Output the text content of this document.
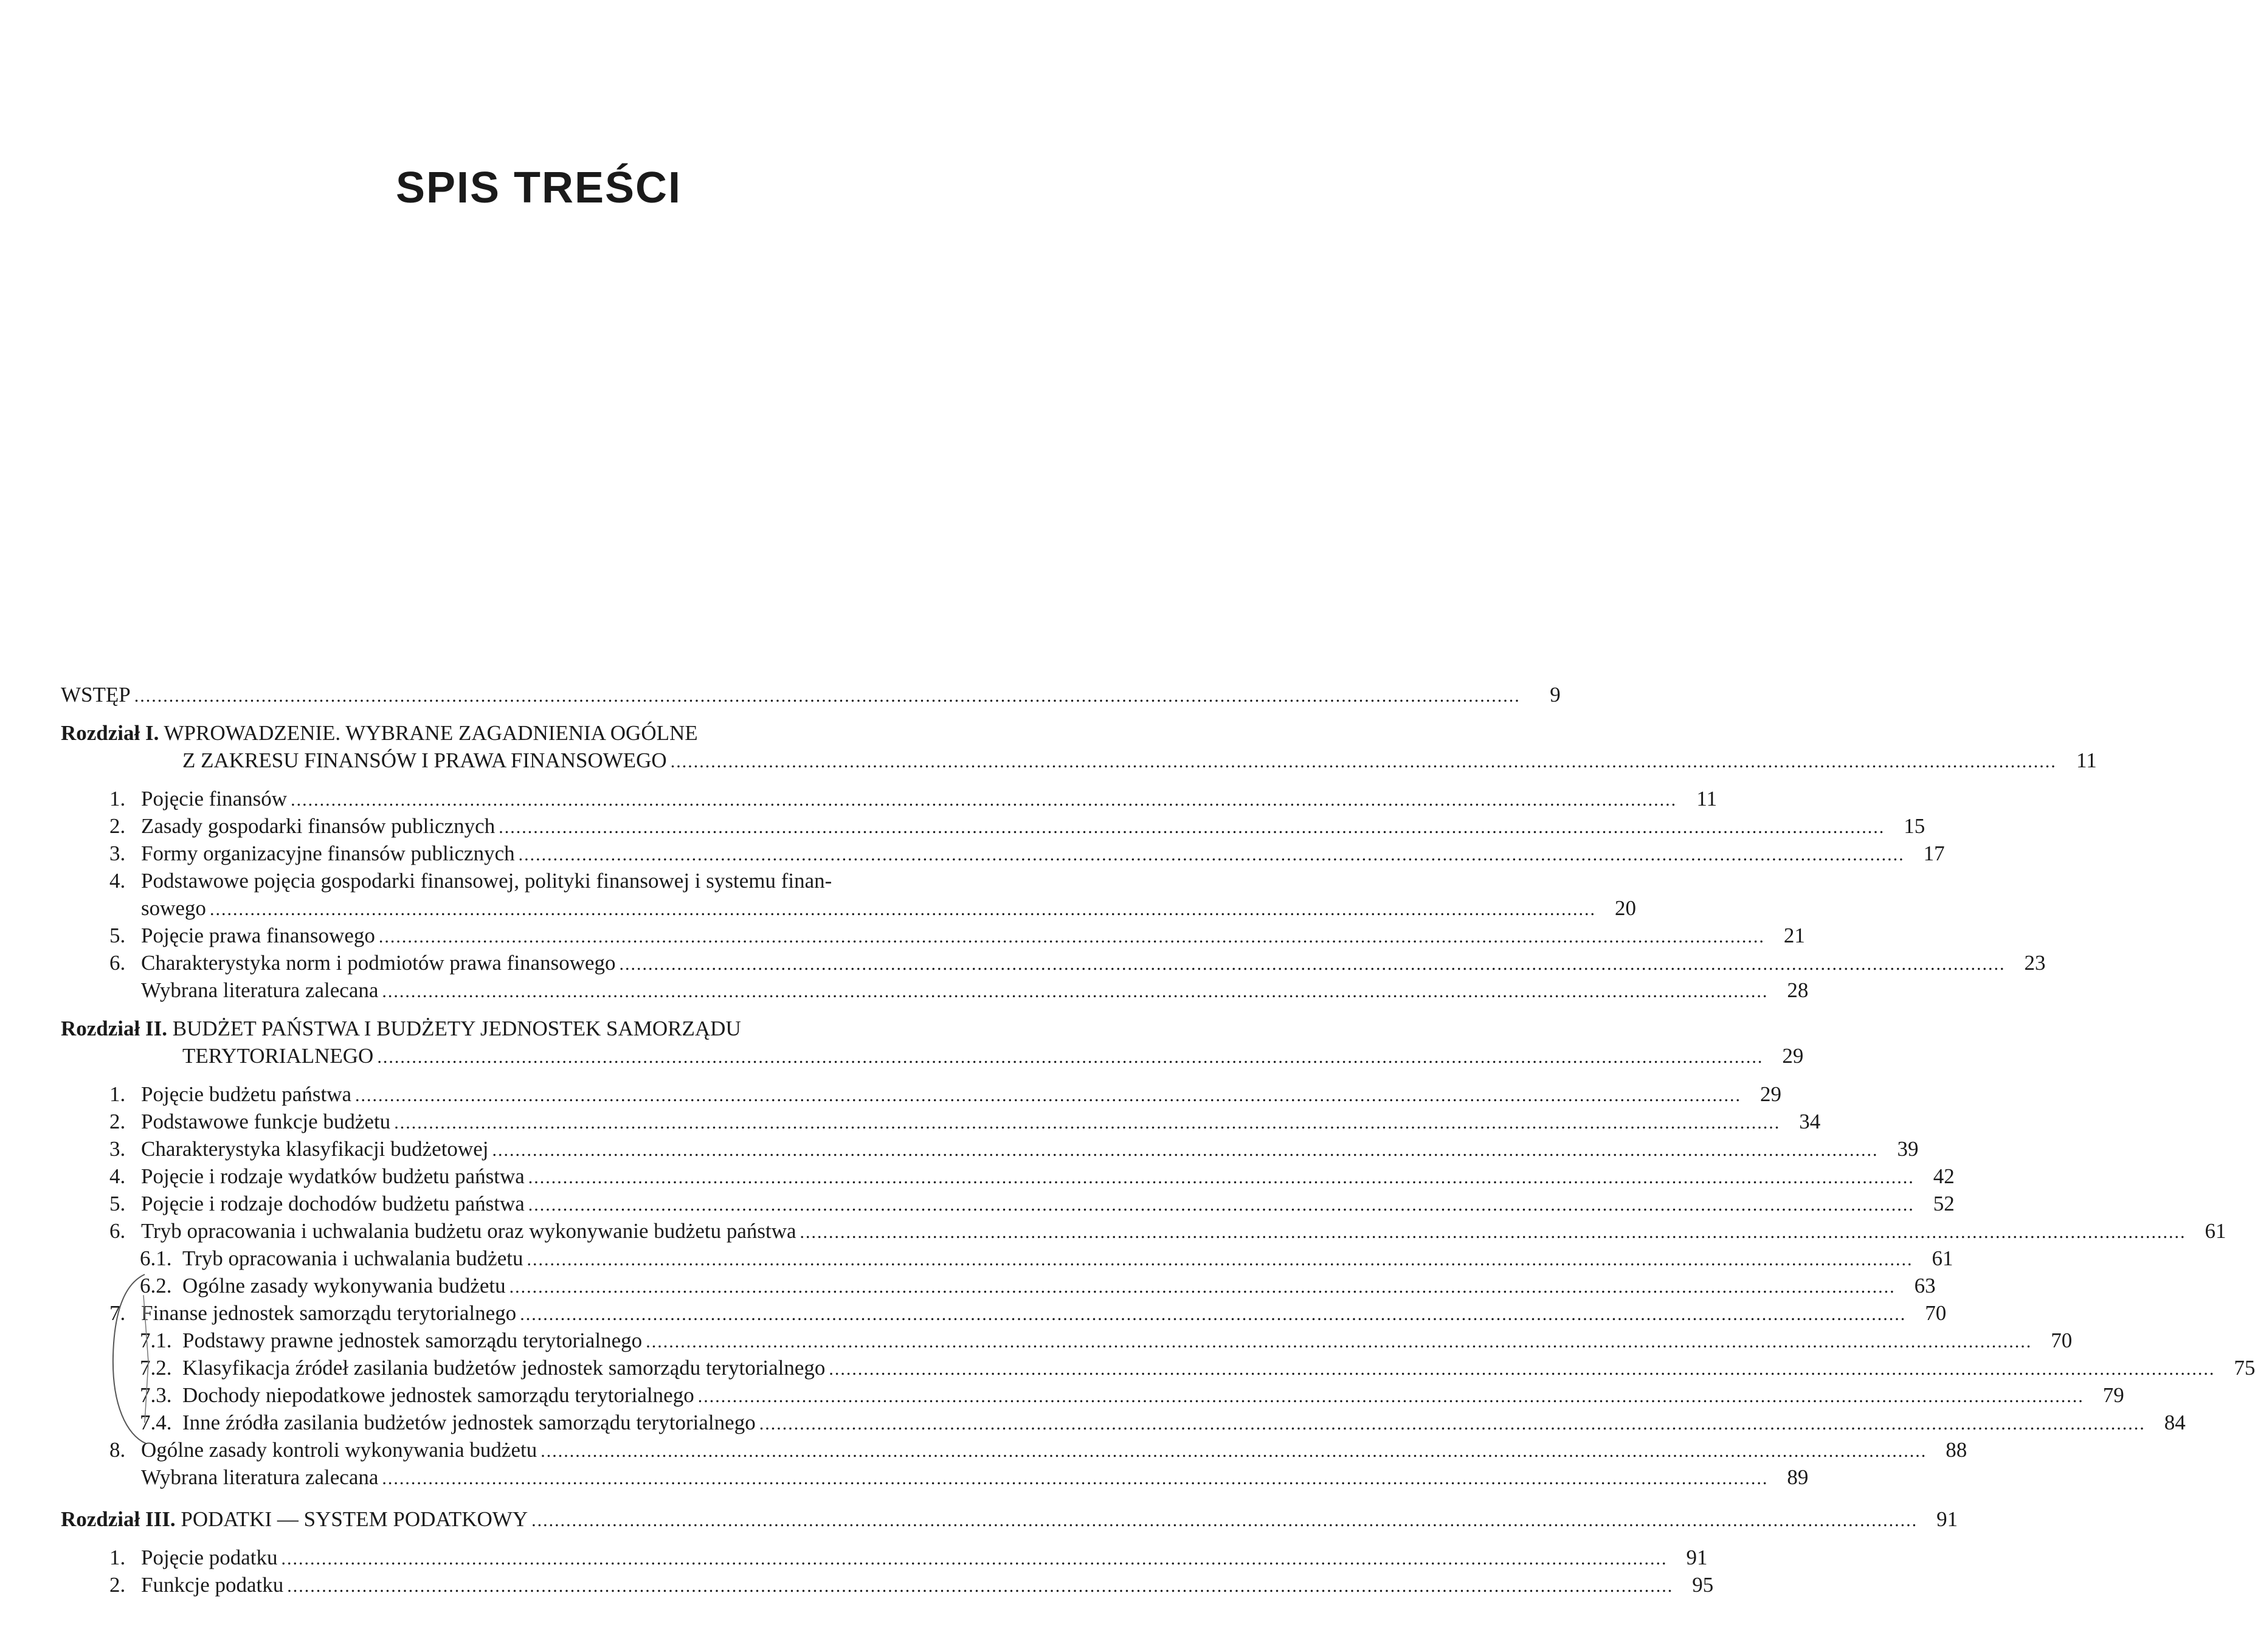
SPIS TREŚCI
WSTĘP .....	9
Rozdział I. WPROWADZENIE. WYBRANE ZAGADNIENIA OGÓLNE
Z ZAKRESU FINANSÓW I PRAWA FINANSOWEGO .....	11
1. Pojęcie finansów .....	11
2. Zasady gospodarki finansów publicznych .....	15
3. Formy organizacyjne finansów publicznych .....	17
4. Podstawowe pojęcia gospodarki finansowej, polityki finansowej i systemu finan-
sowego .....	20
5. Pojęcie prawa finansowego .....	21
6. Charakterystyka norm i podmiotów prawa finansowego .....	23
Wybrana literatura zalecana .....	28
Rozdział II. BUDŻET PAŃSTWA I BUDŻETY JEDNOSTEK SAMORZĄDU
TERYTORIALNEGO .....	29
1. Pojęcie budżetu państwa .....	29
2. Podstawowe funkcje budżetu .....	34
3. Charakterystyka klasyfikacji budżetowej .....	39
4. Pojęcie i rodzaje wydatków budżetu państwa .....	42
5. Pojęcie i rodzaje dochodów budżetu państwa .....	52
6. Tryb opracowania i uchwalania budżetu oraz wykonywanie budżetu państwa .....	61
6.1. Tryb opracowania i uchwalania budżetu .....	61
6.2. Ogólne zasady wykonywania budżetu .....	63
7. Finanse jednostek samorządu terytorialnego .....	70
7.1. Podstawy prawne jednostek samorządu terytorialnego .....	70
7.2. Klasyfikacja źródeł zasilania budżetów jednostek samorządu terytorialnego .....	75
7.3. Dochody niepodatkowe jednostek samorządu terytorialnego .....	79
7.4. Inne źródła zasilania budżetów jednostek samorządu terytorialnego .....	84
8. Ogólne zasady kontroli wykonywania budżetu .....	88
Wybrana literatura zalecana .....	89
Rozdział III. PODATKI — SYSTEM PODATKOWY .....	91
1. Pojęcie podatku .....	91
2. Funkcje podatku .....	95
